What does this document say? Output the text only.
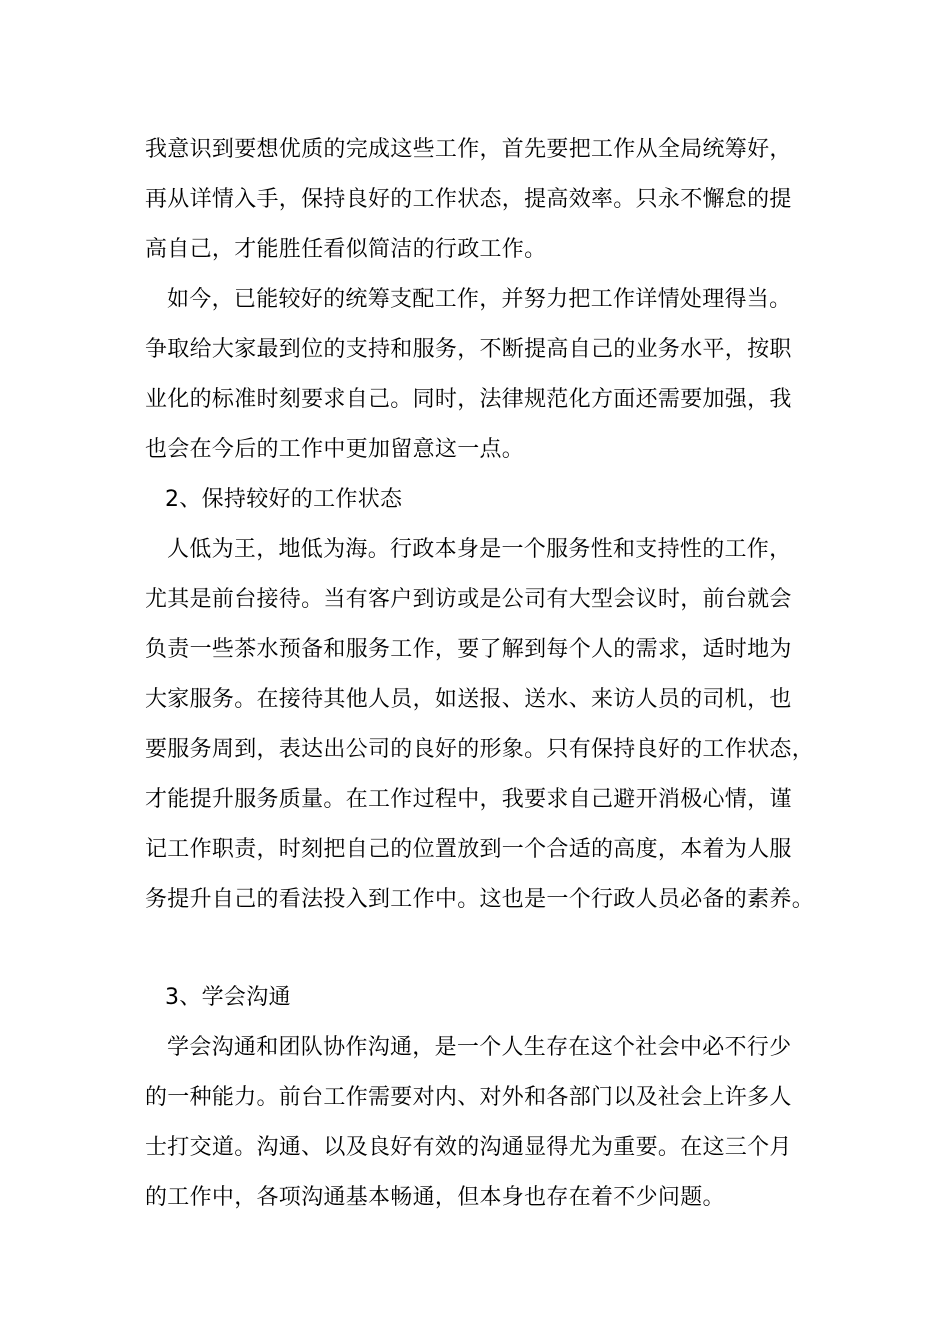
我意识到要想优质的完成这些工作，首先要把工作从全局统筹好，
再从详情入手，保持良好的工作状态，提高效率。只永不懈怠的提
高自己，才能胜任看似简洁的行政工作。
如今，已能较好的统筹支配工作，并努力把工作详情处理得当。
争取给大家最到位的支持和服务，不断提高自己的业务水平，按职
业化的标准时刻要求自己。同时，法律规范化方面还需要加强，我
也会在今后的工作中更加留意这一点。
2、保持较好的工作状态
人低为王，地低为海。行政本身是一个服务性和支持性的工作，
尤其是前台接待。当有客户到访或是公司有大型会议时，前台就会
负责一些茶水预备和服务工作，要了解到每个人的需求，适时地为
大家服务。在接待其他人员，如送报、送水、来访人员的司机，也
要服务周到，表达出公司的良好的形象。只有保持良好的工作状态，
才能提升服务质量。在工作过程中，我要求自己避开消极心情，谨
记工作职责，时刻把自己的位置放到一个合适的高度，本着为人服
务提升自己的看法投入到工作中。这也是一个行政人员必备的素养。
3、学会沟通
学会沟通和团队协作沟通，是一个人生存在这个社会中必不行少
的一种能力。前台工作需要对内、对外和各部门以及社会上许多人
士打交道。沟通、以及良好有效的沟通显得尤为重要。在这三个月
的工作中，各项沟通基本畅通，但本身也存在着不少问题。
